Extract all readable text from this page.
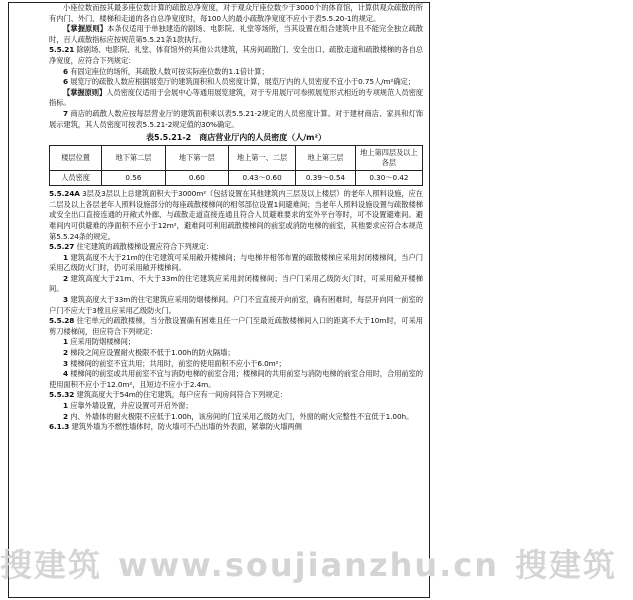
小座位数而按其最多座位数计算的疏散总净宽度，对于观众厅座位数少于3000个的体育馆，计算供观众疏散的所有内门、外门、楼梯和走道的各自总净宽度时，每100人的最小疏散净宽度不应小于表5.5.20-1的规定。

【掌握原则】本条仅适用于单独建造的剧场、电影院、礼堂等场所，当其设置在组合建筑中且不能完全独立疏散时，百人疏散指标应按规范第5.5.21条1款执行。

5.5.21 除剧场、电影院、礼堂、体育馆外的其他公共建筑，其房间疏散门、安全出口、疏散走道和疏散楼梯的各自总净宽度，应符合下列规定：

6 有固定座位的场所，其疏散人数可按实际座位数的1.1倍计算；

6 展览厅的疏散人数应根据展览厅的建筑面积和人员密度计算，展览厅内的人员密度不宜小于0.75人/m²确定；

【掌握原则】人员密度仅适用于会展中心等通用展览建筑，对于专用展厅可参照展览形式相近的专项规范人员密度指标。

7 商店的疏散人数应按每层营业厅的建筑面积乘以表5.5.21-2规定的人员密度计算。对于建材商店、家具和灯饰展示建筑，其人员密度可按表5.5.21-2规定值的30%确定。

表5.5.21-2　商店营业厅内的人员密度（人/m²）
楼层位置	地下第二层	地下第一层	地上第一、二层	地上第三层	地上第四层及以上各层
人员密度	0.56	0.60	0.43～0.60	0.39～0.54	0.30～0.42

5.5.24A 3层及3层以上总建筑面积大于3000m²（包括设置在其他建筑内三层及以上楼层）的老年人照料设施，应在二层及以上各层老年人照料设施部分的每座疏散楼梯间的相邻部位设置1间避难间；当老年人照料设施设置与疏散楼梯或安全出口直接连通的开敞式外廊、与疏散走道直接连通且符合人员避难要求的室外平台等时，可不设置避难间。避难间内可供避难的净面积不应小于12m²，避难间可利用疏散楼梯间的前室或消防电梯的前室，其他要求应符合本规范第5.5.24条的规定。

5.5.27 住宅建筑的疏散楼梯设置应符合下列规定：

1 建筑高度不大于21m的住宅建筑可采用敞开楼梯间；与电梯井相邻布置的疏散楼梯应采用封闭楼梯间，当户门采用乙级防火门时，仍可采用敞开楼梯间。

2 建筑高度大于21m、不大于33m的住宅建筑应采用封闭楼梯间；当户门采用乙级防火门时，可采用敞开楼梯间。

3 建筑高度大于33m的住宅建筑应采用防烟楼梯间。户门不宜直接开向前室，确有困难时，每层开向同一前室的户门不应大于3樘且应采用乙级防火门。

5.5.28 住宅单元的疏散楼梯，当分散设置确有困难且任一户门至最近疏散楼梯间入口的距离不大于10m时，可采用剪刀楼梯间，但应符合下列规定：

1 应采用防烟楼梯间；

2 梯段之间应设置耐火极限不低于1.00h的防火隔墙；

3 楼梯间的前室不宜共用；共用时，前室的使用面积不应小于6.0m²；

4 楼梯间的前室或共用前室不宜与消防电梯的前室合用；楼梯间的共用前室与消防电梯的前室合用时，合用前室的使用面积不应小于12.0m²，且短边不应小于2.4m。

5.5.32 建筑高度大于54m的住宅建筑，每户应有一间房间符合下列规定：

1 应靠外墙设置，并应设置可开启外窗；

2 内、外墙体的耐火极限不应低于1.00h，该房间的门宜采用乙级防火门，外窗的耐火完整性不宜低于1.00h。

6.1.3 建筑外墙为不燃性墙体时，防火墙可不凸出墙的外表面，紧靠防火墙两侧

搜建筑 www.soujianzhu.cn 搜建筑
